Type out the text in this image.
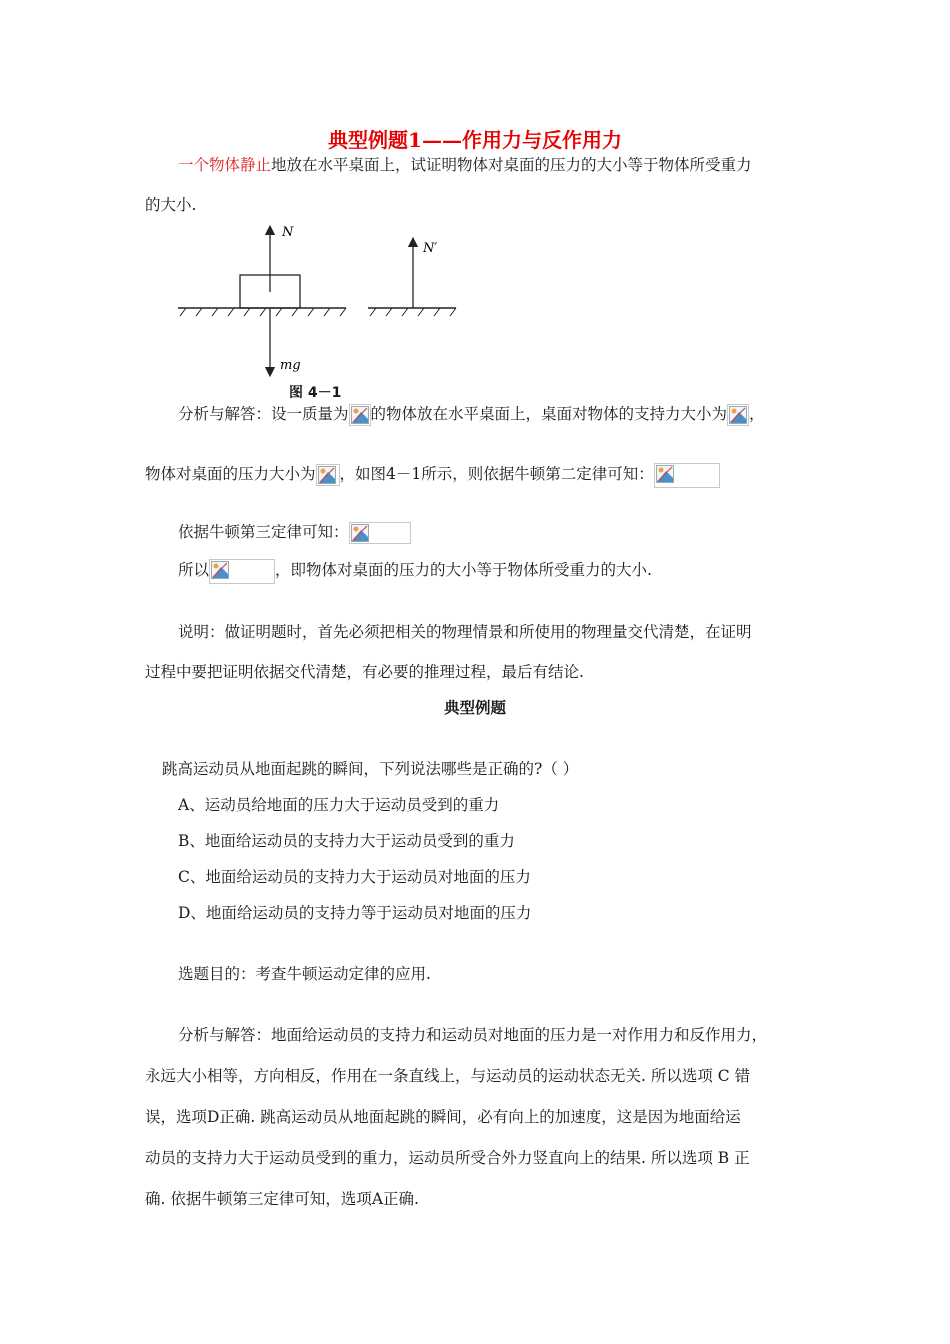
典型例题1——作用力与反作用力
一个物体静止地放在水平桌面上，试证明物体对桌面的压力的大小等于物体所受重力
的大小.
N
mg
N′
图 4－1
分析与解答：设一质量为 的物体放在水平桌面上，桌面对物体的支持力大小为 ，
物体对桌面的压力大小为 ，如图4－1所示，则依据牛顿第二定律可知：
依据牛顿第三定律可知：
所以	，即物体对桌面的压力的大小等于物体所受重力的大小.
说明：做证明题时，首先必须把相关的物理情景和所使用的物理量交代清楚，在证明
过程中要把证明依据交代清楚，有必要的推理过程，最后有结论.
典型例题
跳高运动员从地面起跳的瞬间，下列说法哪些是正确的?（ ）
A、运动员给地面的压力大于运动员受到的重力
B、地面给运动员的支持力大于运动员受到的重力
C、地面给运动员的支持力大于运动员对地面的压力
D、地面给运动员的支持力等于运动员对地面的压力
选题目的：考查牛顿运动定律的应用.
分析与解答：地面给运动员的支持力和运动员对地面的压力是一对作用力和反作用力，
永远大小相等，方向相反，作用在一条直线上，与运动员的运动状态无关. 所以选项 C 错
误，选项D正确. 跳高运动员从地面起跳的瞬间，必有向上的加速度，这是因为地面给运
动员的支持力大于运动员受到的重力，运动员所受合外力竖直向上的结果. 所以选项 B 正
确. 依据牛顿第三定律可知，选项A正确.
